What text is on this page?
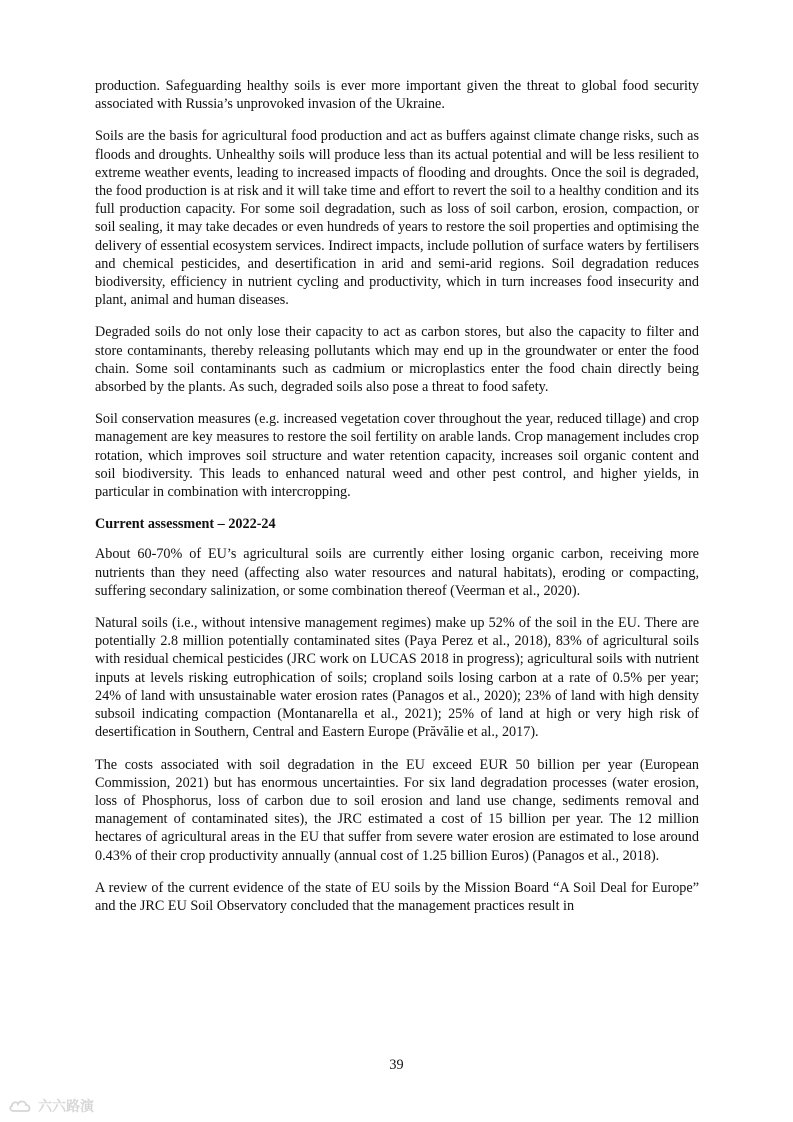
production. Safeguarding healthy soils is ever more important given the threat to global food security associated with Russia’s unprovoked invasion of the Ukraine.

Soils are the basis for agricultural food production and act as buffers against climate change risks, such as floods and droughts. Unhealthy soils will produce less than its actual potential and will be less resilient to extreme weather events, leading to increased impacts of flooding and droughts. Once the soil is degraded, the food production is at risk and it will take time and effort to revert the soil to a healthy condition and its full production capacity. For some soil degradation, such as loss of soil carbon, erosion, compaction, or soil sealing, it may take decades or even hundreds of years to restore the soil properties and optimising the delivery of essential ecosystem services. Indirect impacts, include pollution of surface waters by fertilisers and chemical pesticides, and desertification in arid and semi-arid regions. Soil degradation reduces biodiversity, efficiency in nutrient cycling and productivity, which in turn increases food insecurity and plant, animal and human diseases.

Degraded soils do not only lose their capacity to act as carbon stores, but also the capacity to filter and store contaminants, thereby releasing pollutants which may end up in the groundwater or enter the food chain. Some soil contaminants such as cadmium or microplastics enter the food chain directly being absorbed by the plants. As such, degraded soils also pose a threat to food safety.

Soil conservation measures (e.g. increased vegetation cover throughout the year, reduced tillage) and crop management are key measures to restore the soil fertility on arable lands. Crop management includes crop rotation, which improves soil structure and water retention capacity, increases soil organic content and soil biodiversity. This leads to enhanced natural weed and other pest control, and higher yields, in particular in combination with intercropping.

Current assessment – 2022-24

About 60-70% of EU’s agricultural soils are currently either losing organic carbon, receiving more nutrients than they need (affecting also water resources and natural habitats), eroding or compacting, suffering secondary salinization, or some combination thereof (Veerman et al., 2020).

Natural soils (i.e., without intensive management regimes) make up 52% of the soil in the EU. There are potentially 2.8 million potentially contaminated sites (Paya Perez et al., 2018), 83% of agricultural soils with residual chemical pesticides (JRC work on LUCAS 2018 in progress); agricultural soils with nutrient inputs at levels risking eutrophication of soils; cropland soils losing carbon at a rate of 0.5% per year; 24% of land with unsustainable water erosion rates (Panagos et al., 2020); 23% of land with high density subsoil indicating compaction (Montanarella et al., 2021); 25% of land at high or very high risk of desertification in Southern, Central and Eastern Europe (Prăvălie et al., 2017).

The costs associated with soil degradation in the EU exceed EUR 50 billion per year (European Commission, 2021) but has enormous uncertainties. For six land degradation processes (water erosion, loss of Phosphorus, loss of carbon due to soil erosion and land use change, sediments removal and management of contaminated sites), the JRC estimated a cost of 15 billion per year. The 12 million hectares of agricultural areas in the EU that suffer from severe water erosion are estimated to lose around 0.43% of their crop productivity annually (annual cost of 1.25 billion Euros) (Panagos et al., 2018).

A review of the current evidence of the state of EU soils by the Mission Board “A Soil Deal for Europe” and the JRC EU Soil Observatory concluded that the management practices result in

39
六六路演
